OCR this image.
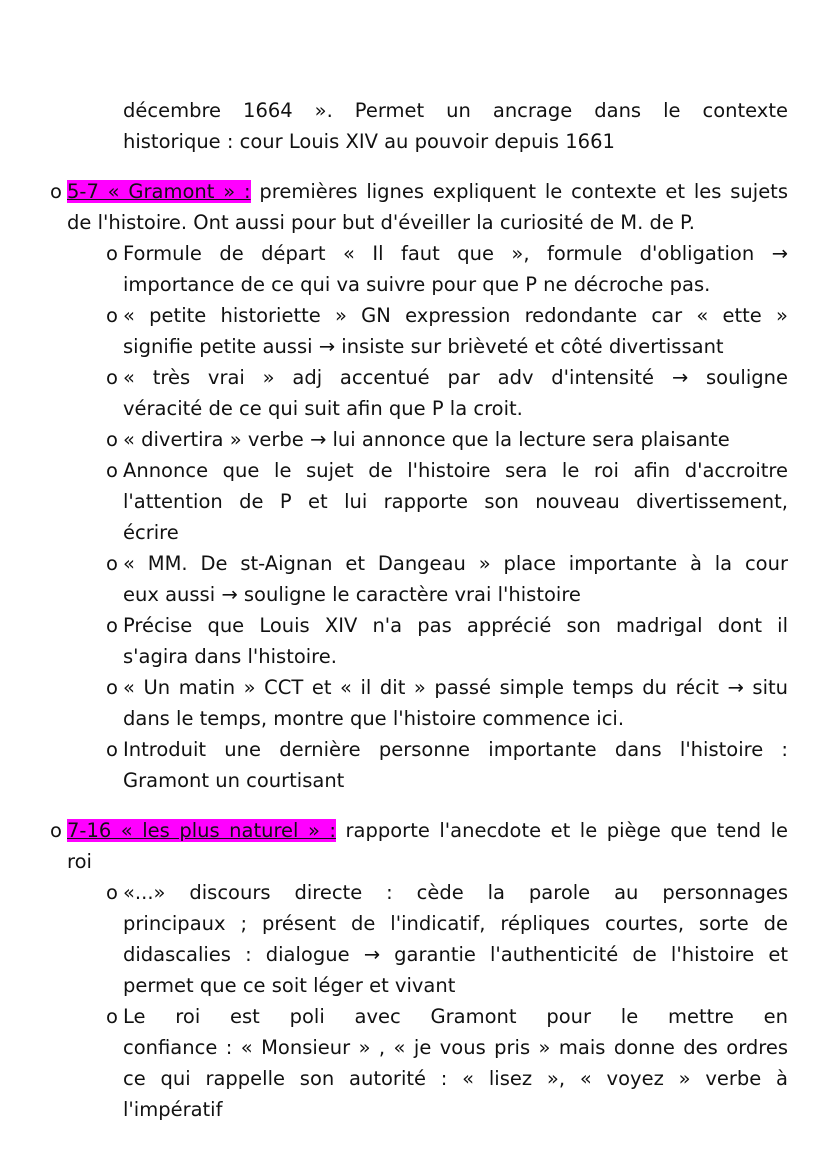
décembre 1664 ». Permet un ancrage dans le contexte
historique : cour Louis XIV au pouvoir depuis 1661
o 5-7 « Gramont » : premières lignes expliquent le contexte et les sujets
de l'histoire. Ont aussi pour but d'éveiller la curiosité de M. de P.
o Formule de départ « Il faut que », formule d'obligation →
importance de ce qui va suivre pour que P ne décroche pas.
o « petite historiette » GN expression redondante car « ette »
signifie petite aussi → insiste sur brièveté et côté divertissant
o « très vrai » adj accentué par adv d'intensité → souligne
véracité de ce qui suit afin que P la croit.
o « divertira » verbe → lui annonce que la lecture sera plaisante
o Annonce que le sujet de l'histoire sera le roi afin d'accroitre
l'attention de P et lui rapporte son nouveau divertissement,
écrire
o « MM. De st-Aignan et Dangeau » place importante à la cour
eux aussi → souligne le caractère vrai l'histoire
o Précise que Louis XIV n'a pas apprécié son madrigal dont il
s'agira dans l'histoire.
o « Un matin » CCT et « il dit » passé simple temps du récit → situ
dans le temps, montre que l'histoire commence ici.
o Introduit une dernière personne importante dans l'histoire :
Gramont un courtisant
o 7-16 « les plus naturel » : rapporte l'anecdote et le piège que tend le
roi
o «...» discours directe : cède la parole au personnages
principaux ; présent de l'indicatif, répliques courtes, sorte de
didascalies : dialogue → garantie l'authenticité de l'histoire et
permet que ce soit léger et vivant
o Le roi est poli avec Gramont pour le mettre en
confiance : « Monsieur » , « je vous pris » mais donne des ordres
ce qui rappelle son autorité : « lisez », « voyez » verbe à
l'impératif
